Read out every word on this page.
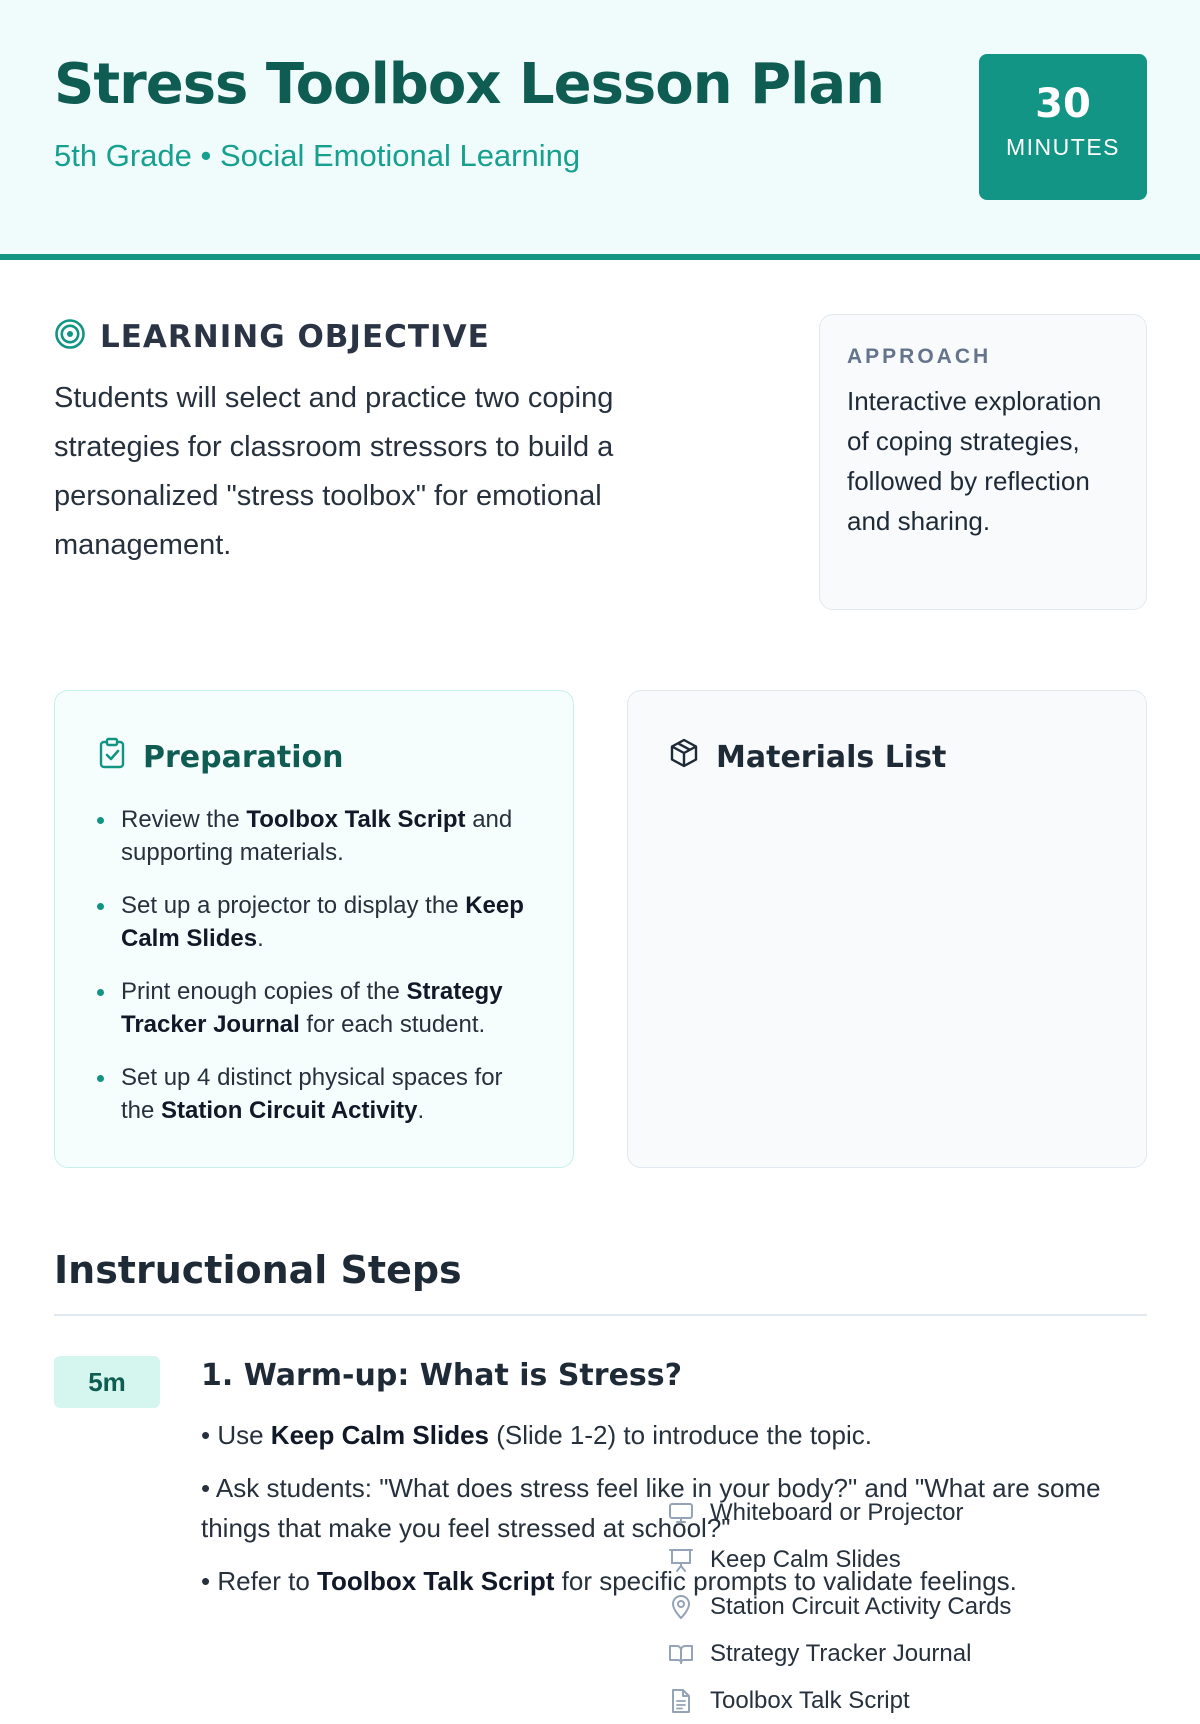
Stress Toolbox Lesson Plan
5th Grade • Social Emotional Learning
30
MINUTES
LEARNING OBJECTIVE

Students will select and practice two coping strategies for classroom stressors to build a personalized "stress toolbox" for emotional management.

APPROACH
Interactive exploration of coping strategies, followed by reflection and sharing.
Preparation
Review the Toolbox Talk Script and supporting materials.
Set up a projector to display the Keep Calm Slides.
Print enough copies of the Strategy Tracker Journal for each student.
Set up 4 distinct physical spaces for the Station Circuit Activity.
Materials List
Whiteboard or Projector
Keep Calm Slides
Station Circuit Activity Cards
Strategy Tracker Journal
Toolbox Talk Script
Instructional Steps
5m	1. Warm-up: What is Stress?

• Use Keep Calm Slides (Slide 1-2) to introduce the topic.

• Ask students: "What does stress feel like in your body?" and "What are some things that make you feel stressed at school?"

• Refer to Toolbox Talk Script for specific prompts to validate feelings.
